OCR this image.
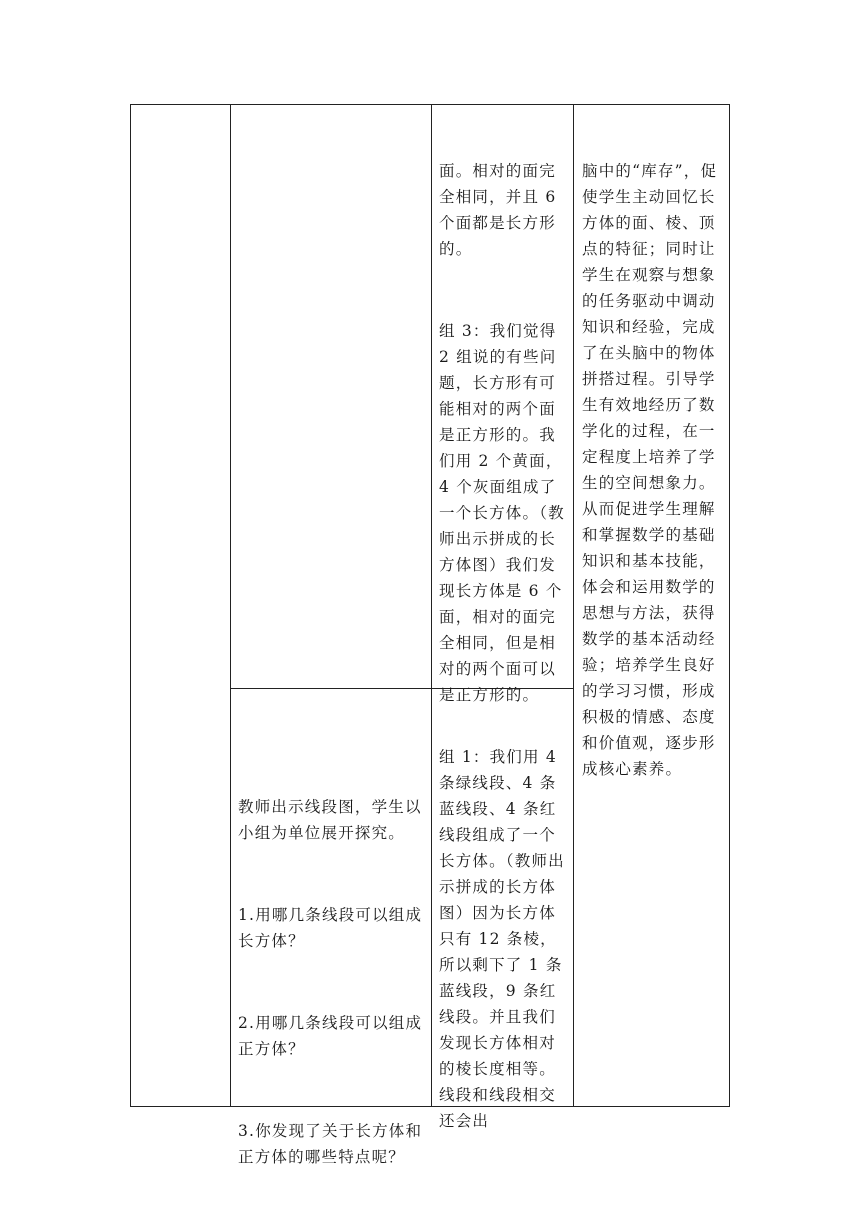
面。相对的面完全相同，并且 6 个面都是长方形的。

组 3：我们觉得 2 组说的有些问题，长方形有可能相对的两个面是正方形的。我们用 2 个黄面，4 个灰面组成了一个长方体。（教师出示拼成的长方体图）我们发现长方体是 6 个面，相对的面完全相同，但是相对的两个面可以是正方形的。

教师出示线段图，学生以小组为单位展开探究。

1.用哪几条线段可以组成长方体？

2.用哪几条线段可以组成正方体？

3.你发现了关于长方体和正方体的哪些特点呢？

组 1：我们用 4 条绿线段、4 条蓝线段、4 条红线段组成了一个长方体。（教师出示拼成的长方体图）因为长方体只有 12 条棱，所以剩下了 1 条蓝线段，9 条红线段。并且我们发现长方体相对的棱长度相等。线段和线段相交还会出

脑中的“库存”，促使学生主动回忆长方体的面、棱、顶点的特征；同时让学生在观察与想象的任务驱动中调动知识和经验，完成了在头脑中的物体拼搭过程。引导学生有效地经历了数学化的过程，在一定程度上培养了学生的空间想象力。从而促进学生理解和掌握数学的基础知识和基本技能，体会和运用数学的思想与方法，获得数学的基本活动经验；培养学生良好的学习习惯，形成积极的情感、态度和价值观，逐步形成核心素养。
